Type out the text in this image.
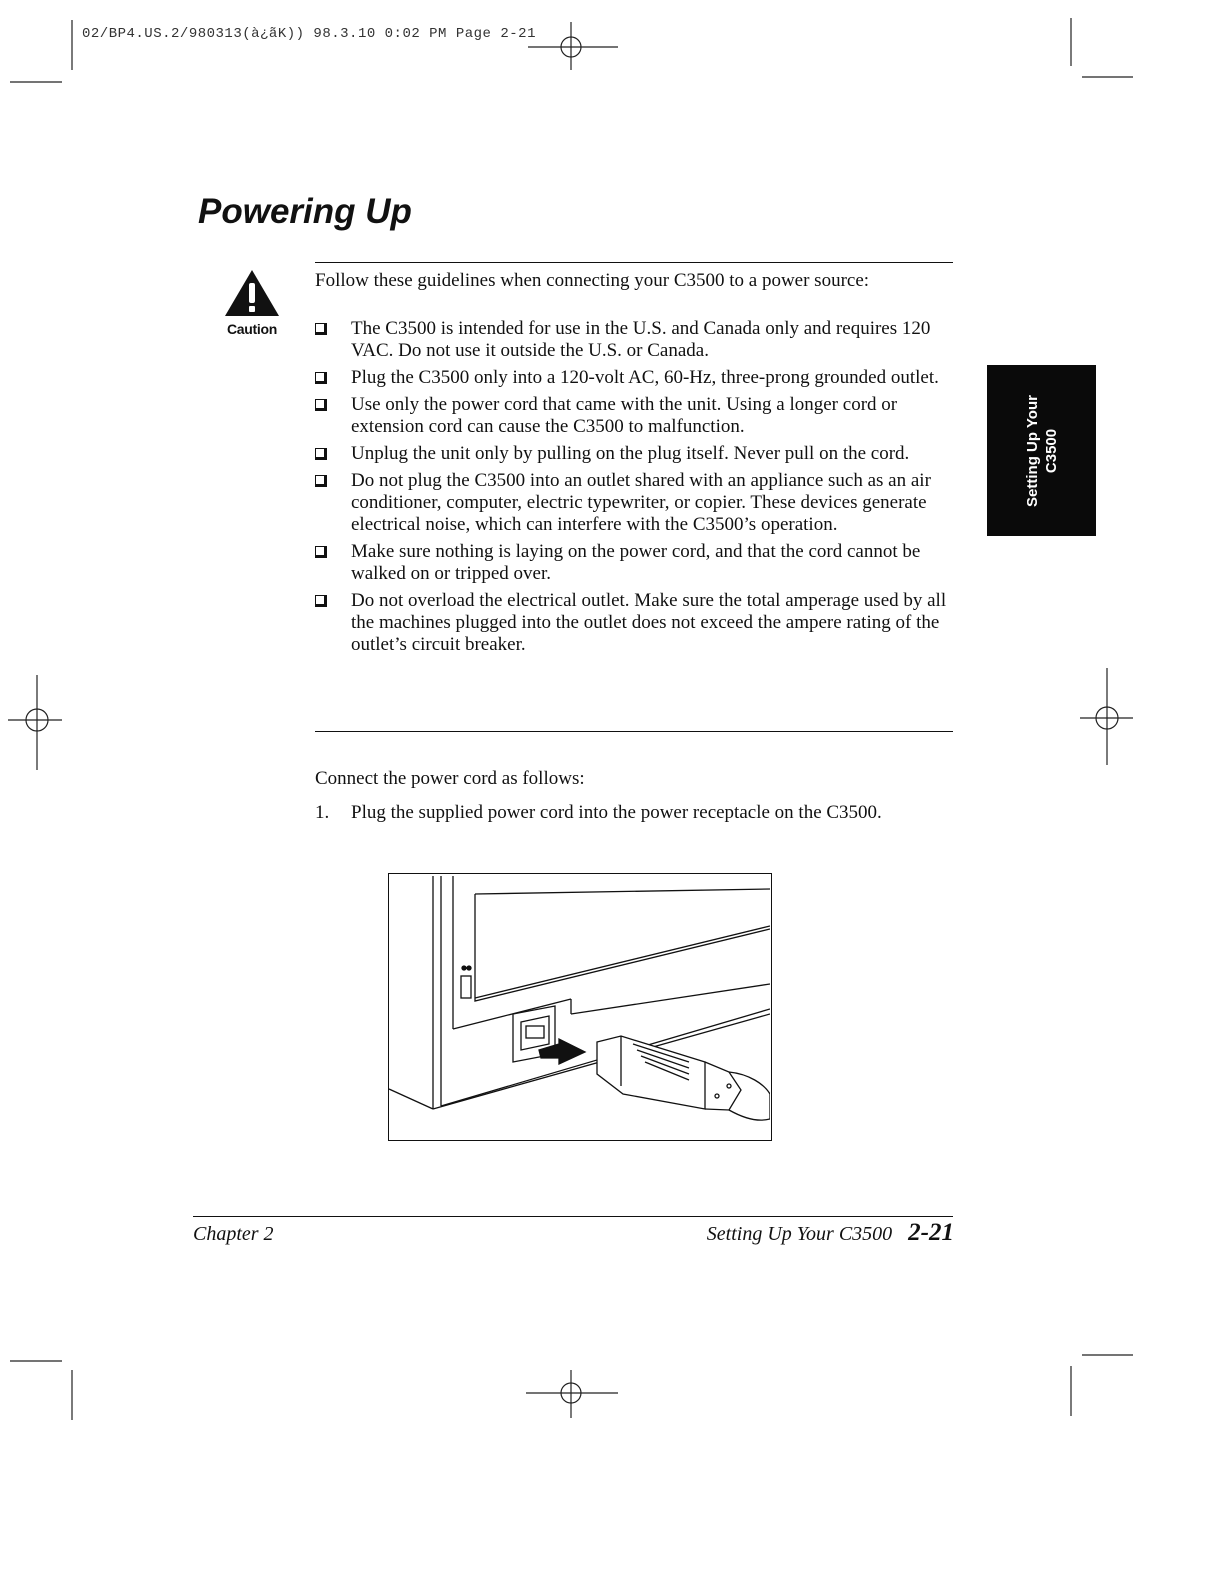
02/BP4.US.2/980313(à¿ãK)) 98.3.10 0:02 PM Page 2-21
Powering Up
Caution
Follow these guidelines when connecting your C3500 to a power source:
The C3500 is intended for use in the U.S. and Canada only and requires 120 VAC. Do not use it outside the U.S. or Canada.
Plug the C3500 only into a 120-volt AC, 60-Hz, three-prong grounded outlet.
Use only the power cord that came with the unit. Using a longer cord or extension cord can cause the C3500 to malfunction.
Unplug the unit only by pulling on the plug itself. Never pull on the cord.
Do not plug the C3500 into an outlet shared with an appliance such as an air conditioner, computer, electric typewriter, or copier. These devices generate electrical noise, which can interfere with the C3500’s operation.
Make sure nothing is laying on the power cord, and that the cord cannot be walked on or tripped over.
Do not overload the electrical outlet. Make sure the total amperage used by all the machines plugged into the outlet does not exceed the ampere rating of the outlet’s circuit breaker.
Connect the power cord as follows:
1. Plug the supplied power cord into the power receptacle on the C3500.
Setting Up Your C3500
Chapter 2	Setting Up Your C3500 2-21
